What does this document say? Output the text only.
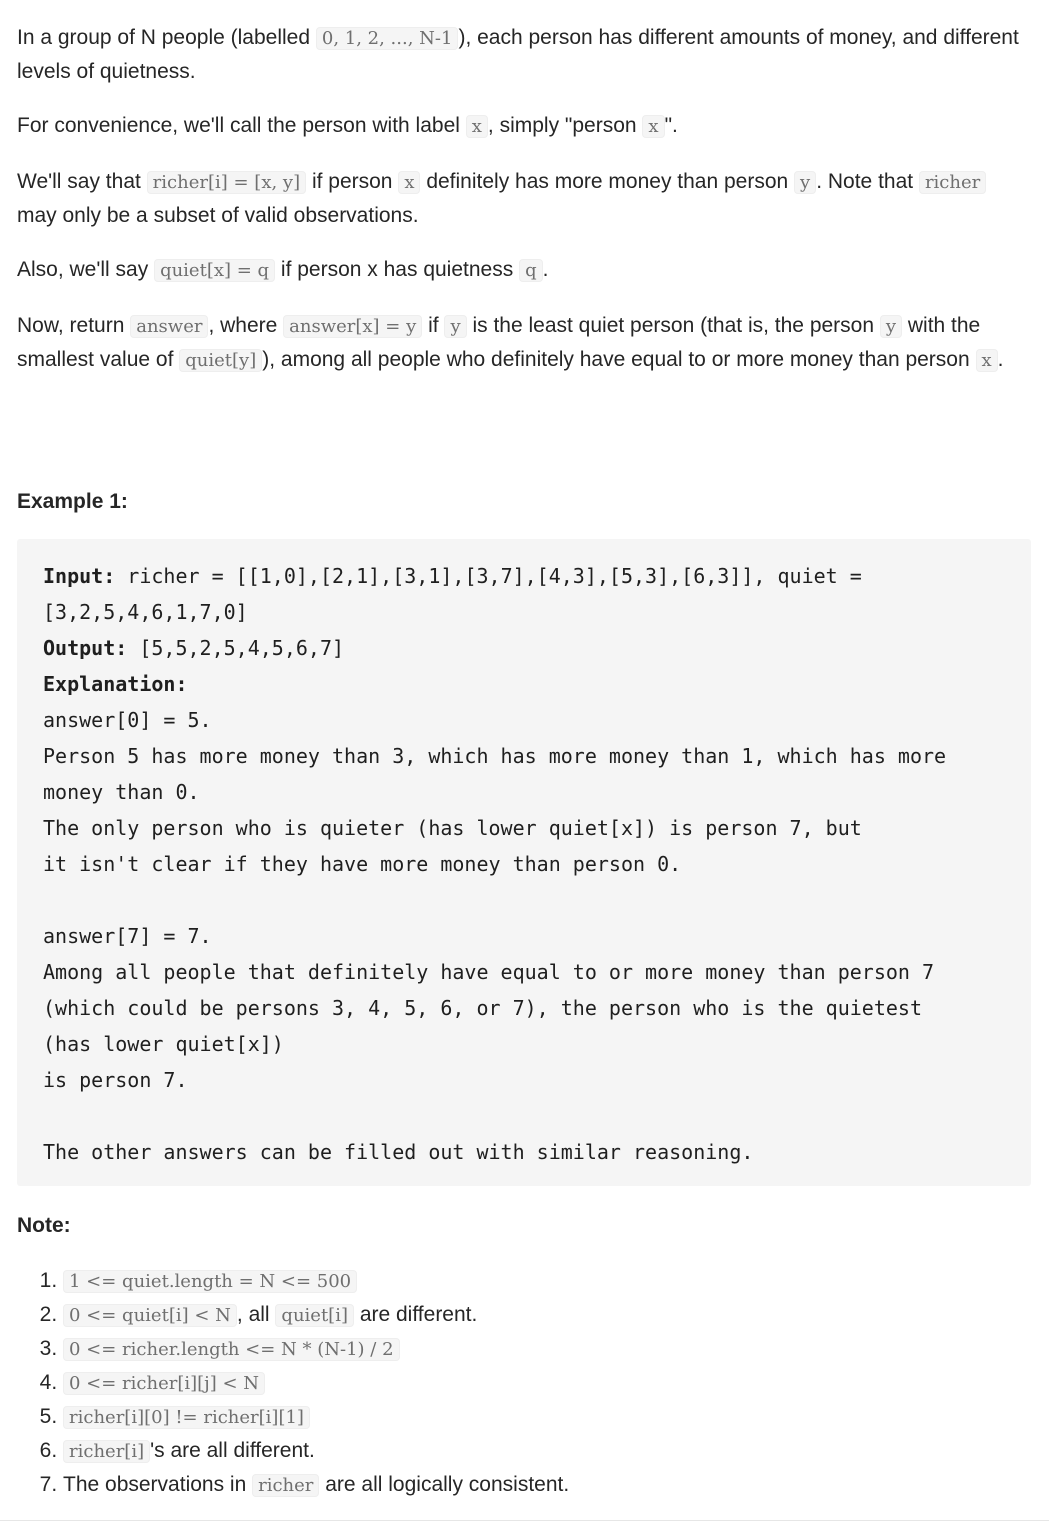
In a group of N people (labelled 0, 1, 2, ..., N-1 ), each person has different amounts of money, and different levels of quietness.

For convenience, we'll call the person with label x , simply "person x ".

We'll say that richer[i] = [x, y] if person x definitely has more money than person y . Note that richer may only be a subset of valid observations.

Also, we'll say quiet[x] = q if person x has quietness q .

Now, return answer , where answer[x] = y if y is the least quiet person (that is, the person y with the smallest value of quiet[y] ), among all people who definitely have equal to or more money than person x .

Example 1:
Input: richer = [[1,0],[2,1],[3,1],[3,7],[4,3],[5,3],[6,3]], quiet =
[3,2,5,4,6,1,7,0]
Output: [5,5,2,5,4,5,6,7]
Explanation:
answer[0] = 5.
Person 5 has more money than 3, which has more money than 1, which has more
money than 0.
The only person who is quieter (has lower quiet[x]) is person 7, but
it isn't clear if they have more money than person 0.

answer[7] = 7.
Among all people that definitely have equal to or more money than person 7
(which could be persons 3, 4, 5, 6, or 7), the person who is the quietest
(has lower quiet[x])
is person 7.

The other answers can be filled out with similar reasoning.
Note:
1. 1 <= quiet.length = N <= 500
2. 0 <= quiet[i] < N , all quiet[i] are different.
3. 0 <= richer.length <= N * (N-1) / 2
4. 0 <= richer[i][j] < N
5. richer[i][0] != richer[i][1]
6. richer[i] 's are all different.
7. The observations in richer are all logically consistent.
